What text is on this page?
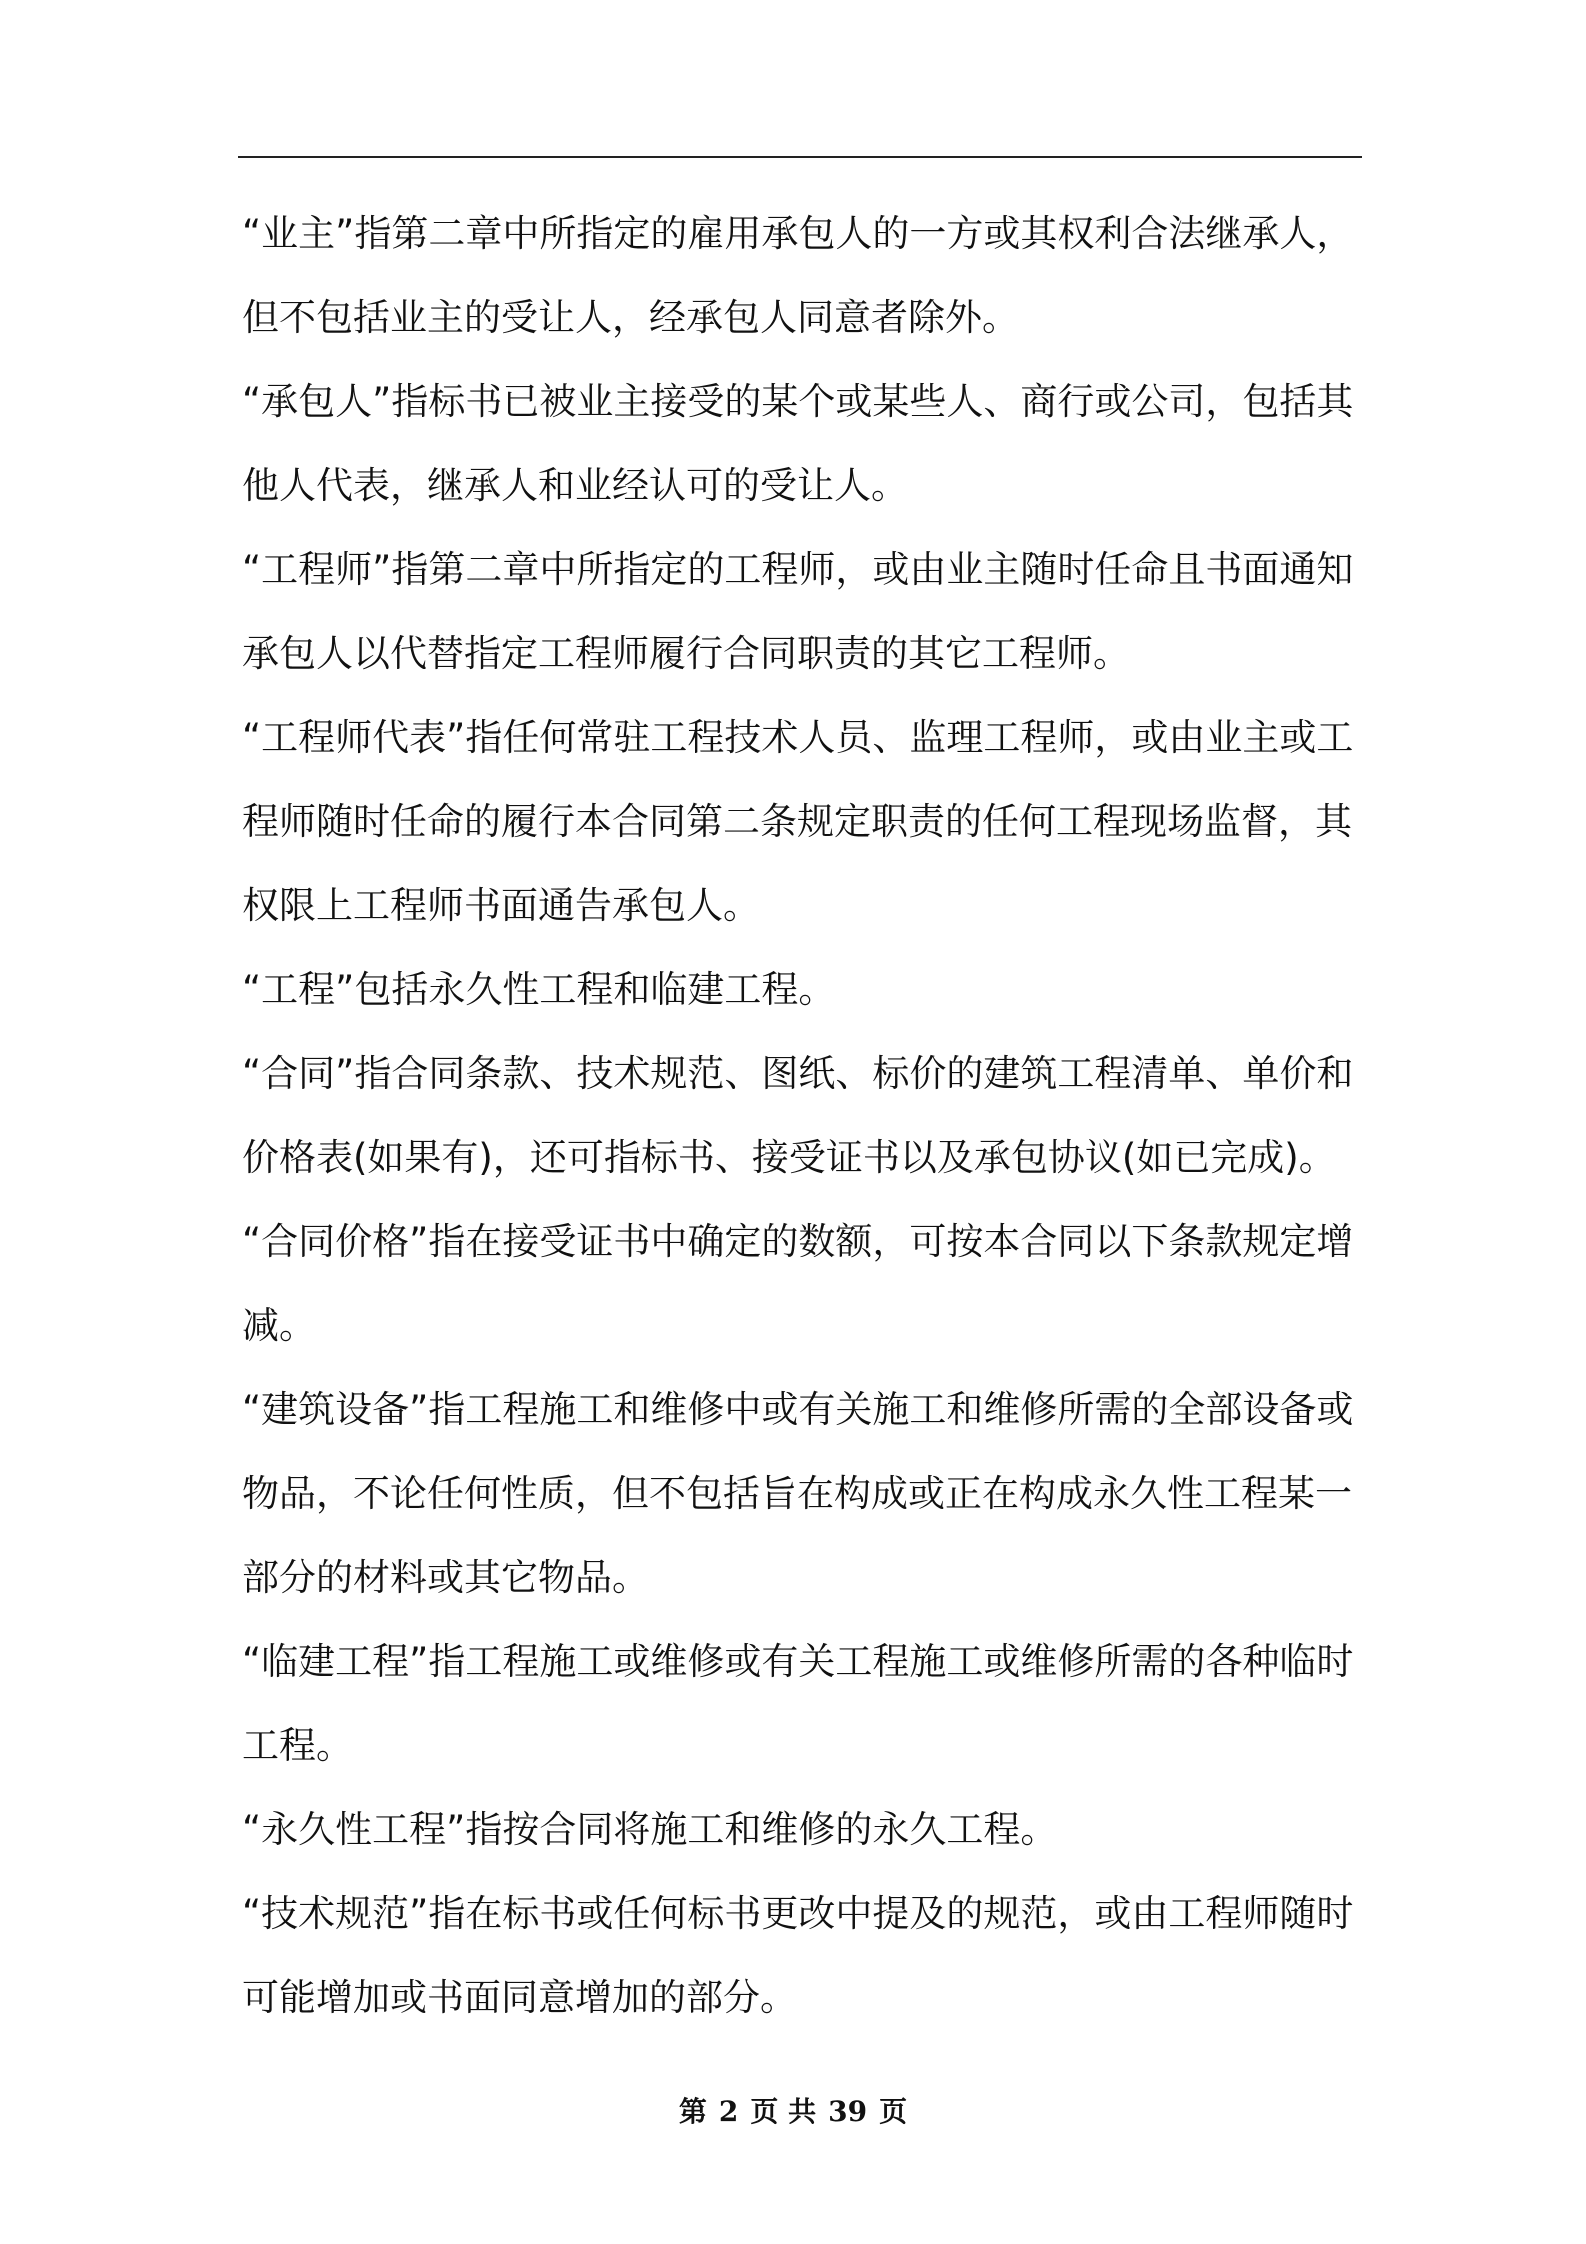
“业主”指第二章中所指定的雇用承包人的一方或其权利合法继承人，但不包括业主的受让人，经承包人同意者除外。

“承包人”指标书已被业主接受的某个或某些人、商行或公司，包括其他人代表，继承人和业经认可的受让人。

“工程师”指第二章中所指定的工程师，或由业主随时任命且书面通知承包人以代替指定工程师履行合同职责的其它工程师。

“工程师代表”指任何常驻工程技术人员、监理工程师，或由业主或工程师随时任命的履行本合同第二条规定职责的任何工程现场监督，其权限上工程师书面通告承包人。

“工程”包括永久性工程和临建工程。

“合同”指合同条款、技术规范、图纸、标价的建筑工程清单、单价和价格表(如果有)，还可指标书、接受证书以及承包协议(如已完成)。

“合同价格”指在接受证书中确定的数额，可按本合同以下条款规定增减。

“建筑设备”指工程施工和维修中或有关施工和维修所需的全部设备或物品，不论任何性质，但不包括旨在构成或正在构成永久性工程某一部分的材料或其它物品。

“临建工程”指工程施工或维修或有关工程施工或维修所需的各种临时工程。

“永久性工程”指按合同将施工和维修的永久工程。

“技术规范”指在标书或任何标书更改中提及的规范，或由工程师随时可能增加或书面同意增加的部分。

第 2 页 共 39 页
